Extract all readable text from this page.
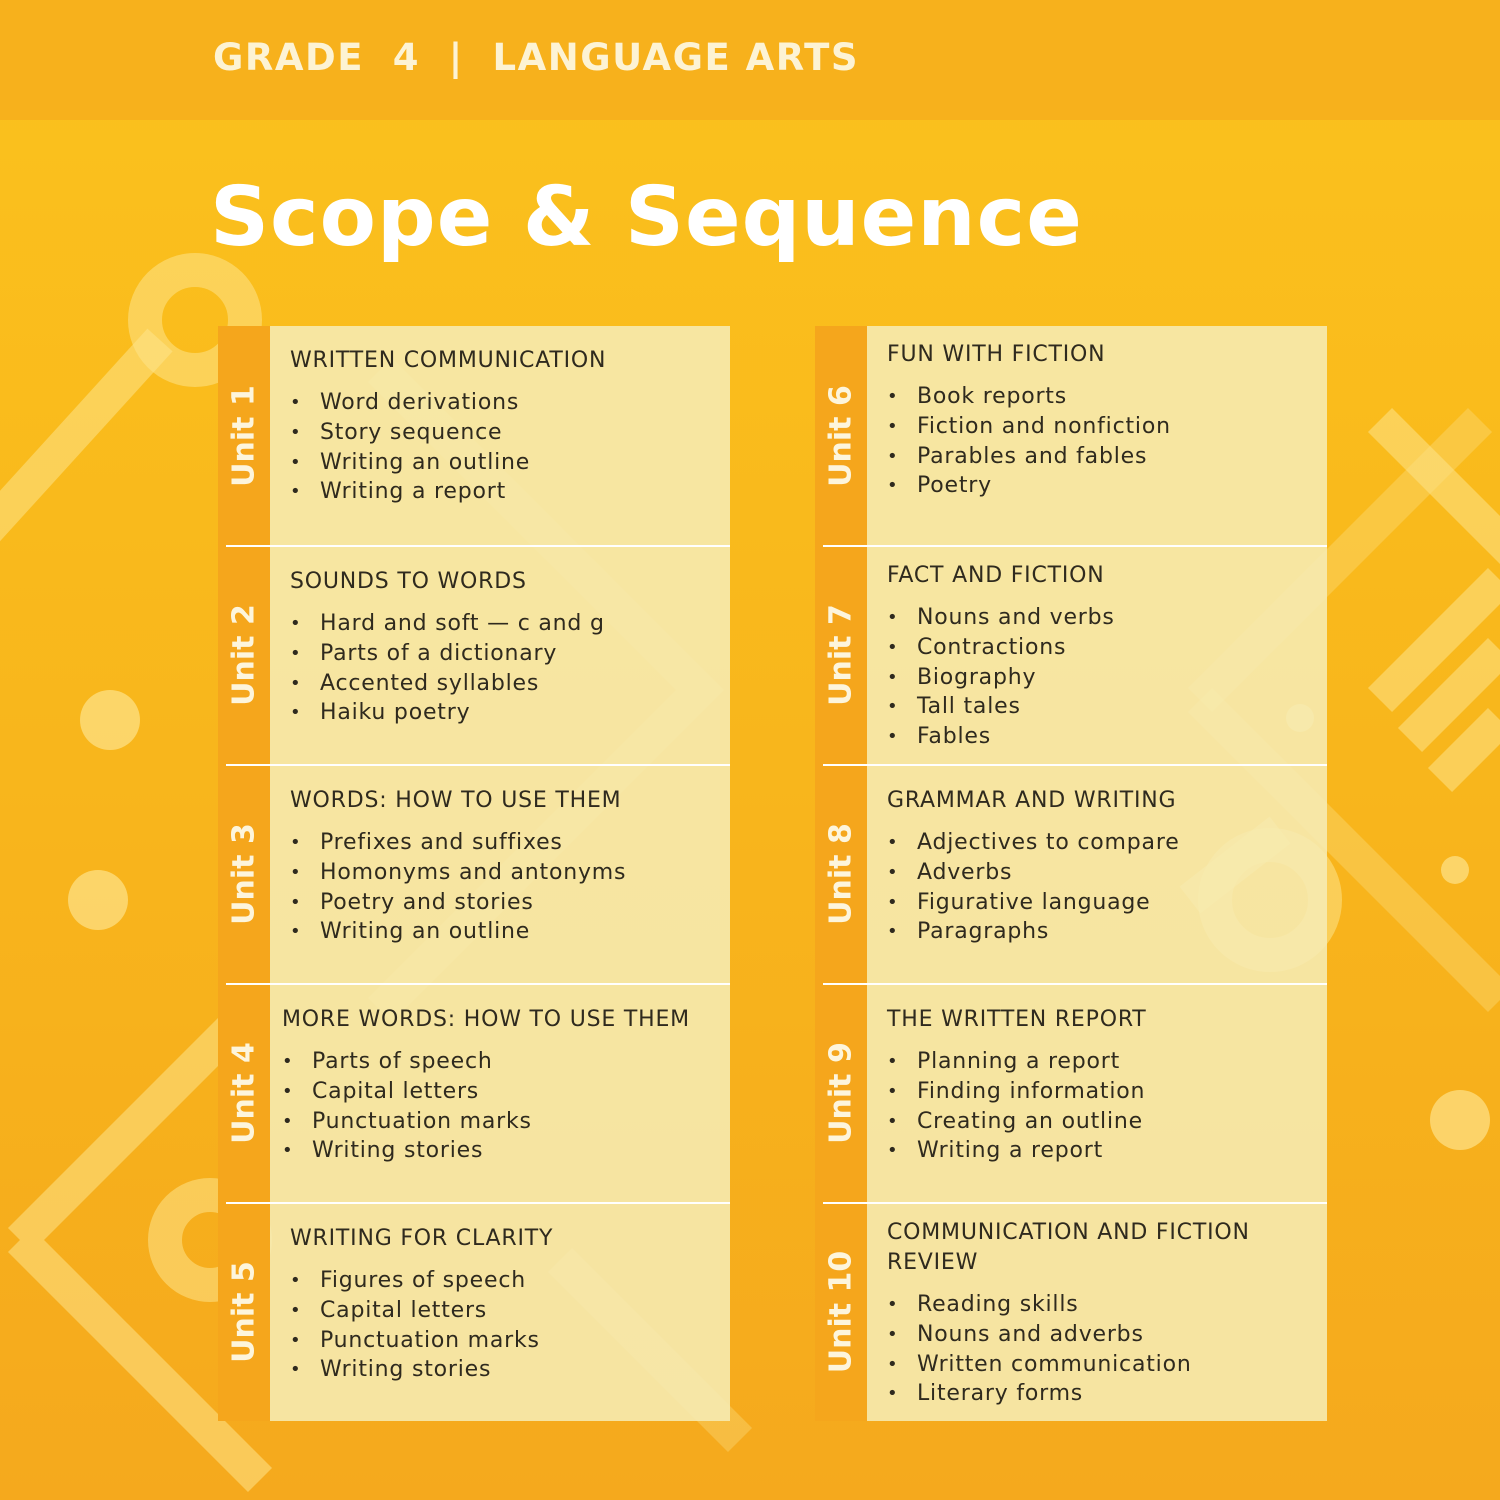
GRADE  4 | LANGUAGE ARTS
Scope & Sequence
Unit 1
WRITTEN COMMUNICATION
• Word derivations
• Story sequence
• Writing an outline
• Writing a report
Unit 2
SOUNDS TO WORDS
• Hard and soft — c and g
• Parts of a dictionary
• Accented syllables
• Haiku poetry
Unit 3
WORDS: HOW TO USE THEM
• Prefixes and suffixes
• Homonyms and antonyms
• Poetry and stories
• Writing an outline
Unit 4
MORE WORDS: HOW TO USE THEM
• Parts of speech
• Capital letters
• Punctuation marks
• Writing stories
Unit 5
WRITING FOR CLARITY
• Figures of speech
• Capital letters
• Punctuation marks
• Writing stories
Unit 6
FUN WITH FICTION
• Book reports
• Fiction and nonfiction
• Parables and fables
• Poetry
Unit 7
FACT AND FICTION
• Nouns and verbs
• Contractions
• Biography
• Tall tales
• Fables
Unit 8
GRAMMAR AND WRITING
• Adjectives to compare
• Adverbs
• Figurative language
• Paragraphs
Unit 9
THE WRITTEN REPORT
• Planning a report
• Finding information
• Creating an outline
• Writing a report
Unit 10
COMMUNICATION AND FICTION REVIEW
• Reading skills
• Nouns and adverbs
• Written communication
• Literary forms
